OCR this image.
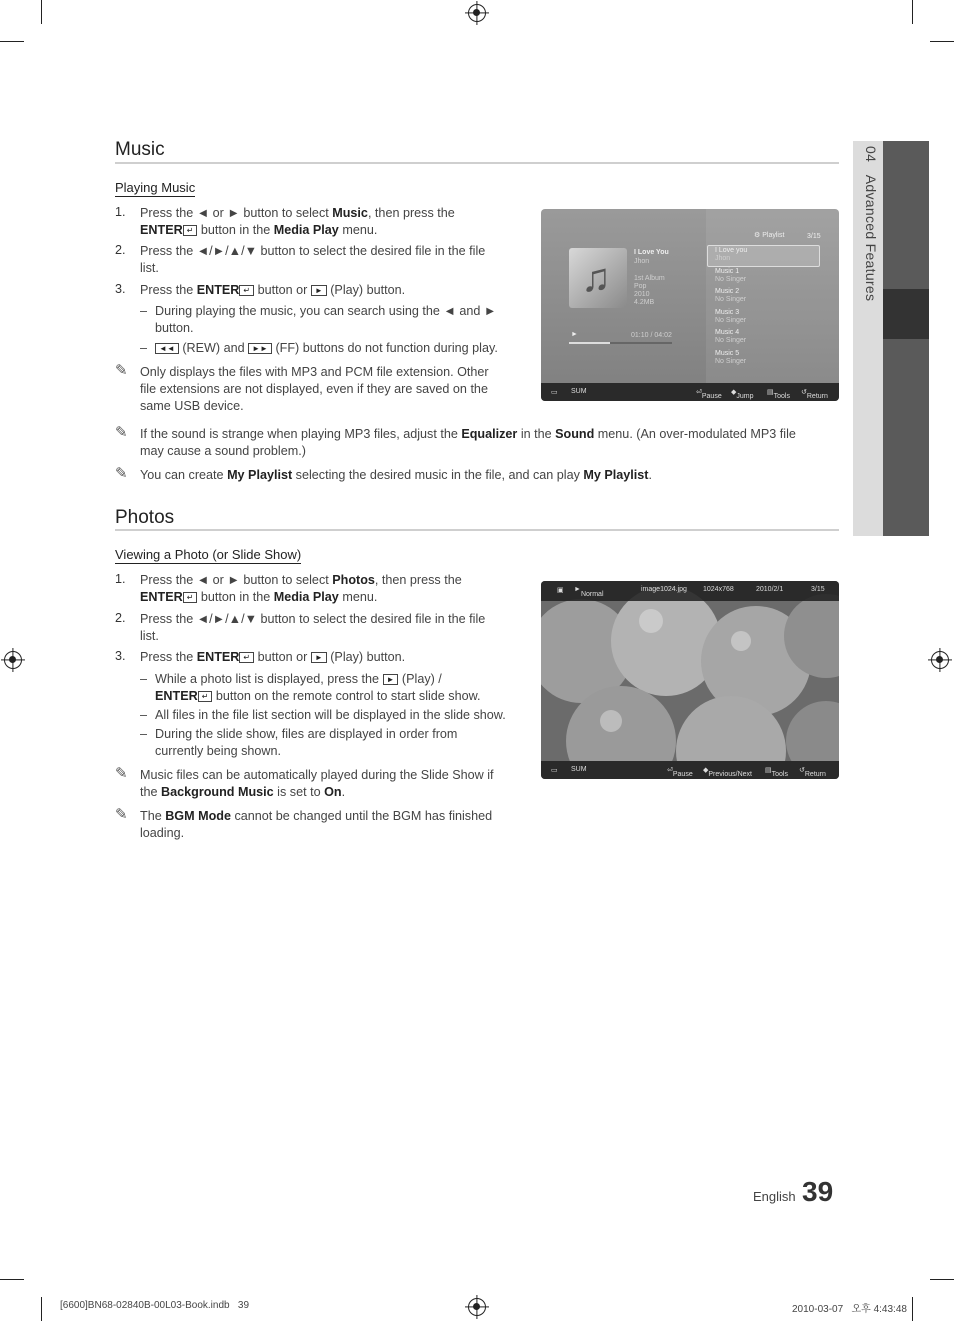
04   Advanced Features
Music
Playing Music
1. Press the ◄ or ► button to select Music, then press the
ENTER ↵ button in the Media Play menu.
2. Press the ◄/►/▲/▼ button to select the desired file in the file
list.
3. Press the ENTER ↵ button or ► (Play) button.
– During playing the music, you can search using the ◄ and ►
button.
–	◄◄ (REW) and ►► (FF) buttons do not function during play.
✎ Only displays the files with MP3 and PCM file extension. Other
file extensions are not displayed, even if they are saved on the
same USB device.
✎ If the sound is strange when playing MP3 files, adjust the Equalizer in the Sound menu. (An over-modulated MP3 file
may cause a sound problem.)
✎ You can create My Playlist selecting the desired music in the file, and can play My Playlist.
⚙ Playlist	3/15
♫
I Love You
Jhon
1st Album
Pop
2010
4.2MB
►	01:10 / 04:02
I Love you
Jhon
Music 1
No Singer
Music 2
No Singer
Music 3
No Singer
Music 4
No Singer
Music 5
No Singer
▭ SUM	⏎
Pause
◆
Jump
▤
Tools
↺
Return
Photos
Viewing a Photo (or Slide Show)
1. Press the ◄ or ► button to select Photos, then press the
ENTER ↵ button in the Media Play menu.
2. Press the ◄/►/▲/▼ button to select the desired file in the file
list.
3. Press the ENTER ↵ button or ► (Play) button.
– While a photo list is displayed, press the ► (Play) /
ENTER ↵ button on the remote control to start slide show.
– All files in the file list section will be displayed in the slide show.
– During the slide show, files are displayed in order from
currently being shown.
✎ Music files can be automatically played during the Slide Show if
the Background Music is set to On.
✎ The BGM Mode cannot be changed until the BGM has finished
loading.
▣ ►
Normal
image1024.jpg 1024x768	2010/2/1	3/15
▭ SUM	⏎
Pause
◆
Previous/Next
▤
Tools
↺
Return
English 39
[6600]BN68-02840B-00L03-Book.indb   39	2010-03-07   오후 4:43:48
